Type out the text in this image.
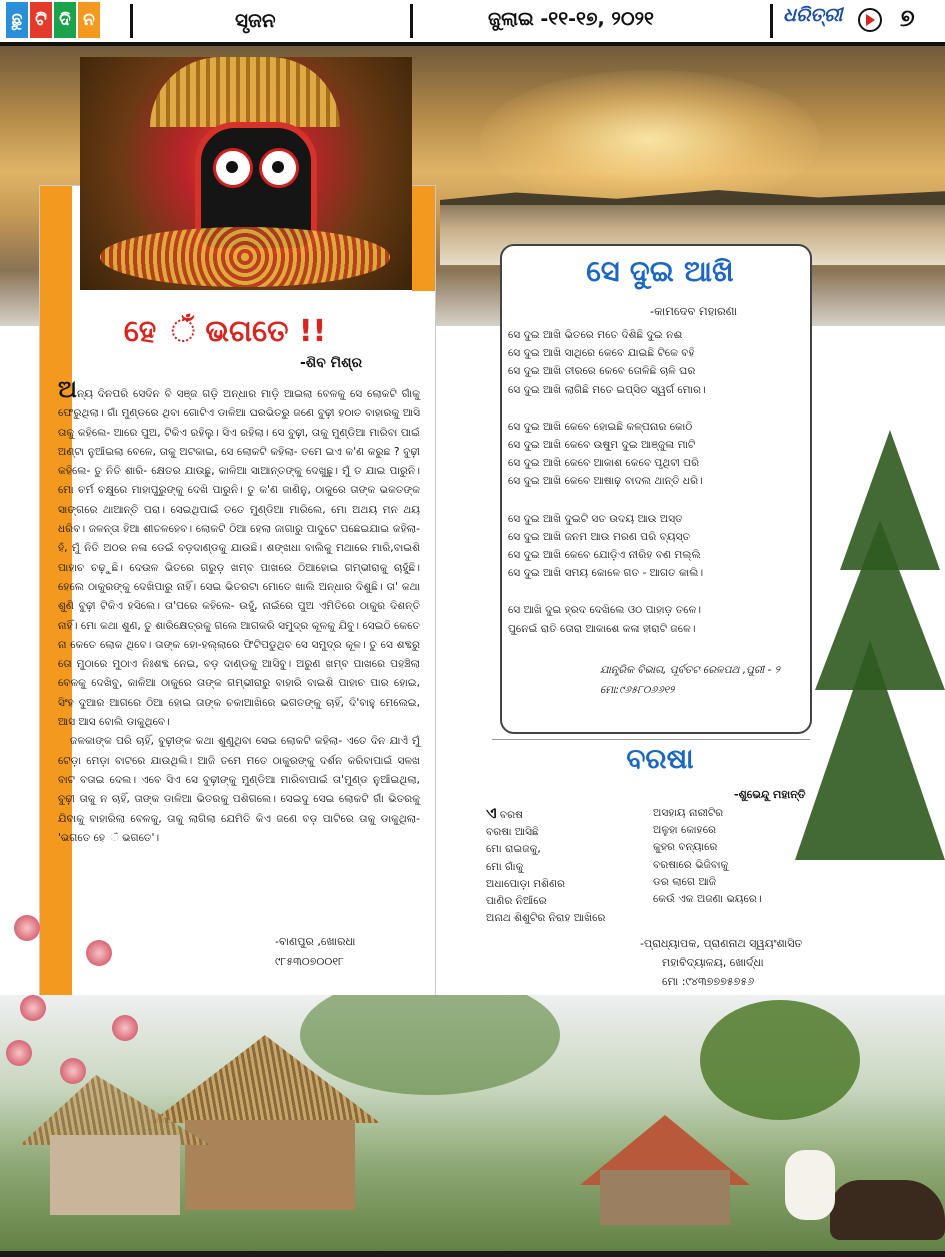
ଛୁ ଟି ଦି ନ	ସୃଜନ	ଜୁଲାଇ -୧୧-୧୭, ୨୦୨୧	ଧରିତ୍ରୀ ୭
ହେ ଁ ଭଗତେ !!
-ଶିବ ମିଶ୍ର

ଅନ୍ୟ ଦିନପରି ସେଦିନ ବି ସଞ୍ଜ ଗଡ଼ି ଅନ୍ଧାର ମାଡ଼ି ଆଇଲା ବେଳକୁ ସେ ଲୋକଟି ଗାଁକୁ ଫେରୁଥିଲା। ଗାଁ ମୁଣ୍ଡରେ ଥିବା ଗୋଟିଏ ଡାଳିଆ ଘରଭିତରୁ ଜଣେ ବୁଢ଼ୀ ହଠାତ ବାହାରକୁ ଆସି ତାକୁ କହିଲେ- ଆରେ ପୁଅ, ଟିକିଏ ରହିଲୁ। ସିଏ ରହିଲା। ସେ ବୁଢ଼ୀ, ତାକୁ ମୁଣ୍ଡିଆ ମାରିବା ପାଇଁ ଅଣ୍ଟା ନୁଆଁଇଲା ବେଳେ, ତାକୁ ଅଟକାଇ, ସେ ଲୋକଟି କହିଲା- ତମେ ଇଏ କ'ଣ କରୁଛ ? ବୁଢ଼ୀ କହିଲେ- ତୁ ନିତି ଶାରି- କ୍ଷେତର ଯାଉଛୁ, କାଳିଆ ସାଆନ୍ତଙ୍କୁ ଦେଖୁଛୁ। ମୁଁ ତ ଯାଇ ପାରୁନି। ମୋ ଚର୍ମ ଚକ୍ଷୁରେ ମାହାପୁରୁଙ୍କୁ ଦେଖି ପାରୁନି। ତୁ କ'ଣ ଜାଣିନୁ, ଠାକୁରେ ତାଙ୍କ ଭକତଙ୍କ ସାଙ୍ଗରେ ଥାଆନ୍ତି ପରା। ସେଇଥିପାଇଁ ତତେ ମୁଣ୍ଡିଆ ମାରିଲେ, ମୋ ଅଥୟ ମନ ଥୟ ଧରିବ। ଜଳନ୍ତା ହିଆ ଶୀତଳହେବ। ଲୋକଟି ଠିଆ ହେଲା ଜାଗାରୁ ପାଦୁଟେ ପଛେଇଯାଇ କହିଲା- ହଁ, ମୁଁ ନିତି ଅଠର ନଳା ଡେଇଁ ବଡ଼ଦାଣ୍ଡକୁ ଯାଉଛି। ଶଙ୍ଖଧା ବାଲିକୁ ମଥାରେ ମାରି,ବାଇଶି ପାହାଚ ଚଢ଼ୁଛି। ଦେଉଳ ଭିତରେ ଗରୁଡ଼ ଖମ୍ବ ପାଖରେ ଠିଆହୋଇ ଗମ୍ଭୀରାକୁ ଚାହୁଁଛି। ହେଲେ ଠାକୁରଙ୍କୁ ଦେଖିପାରୁ ନାହିଁ। ସେଇ ଭିତରଟା ମୋତେ ଖାଲି ଅନ୍ଧାର ଦିଶୁଛି। ତା' କଥା ଶୁଣି ବୁଢ଼ୀ ଟିକିଏ ହସିଲେ। ତା'ପରେ କହିଲେ- ଉହୁଁ, ନାଇଁରେ ପୁଅ ଏମିତିରେ ଠାକୁର ଦିଶନ୍ତି ନାହିଁ। ମୋ କଥା ଶୁଣ, ତୁ ଶାରିକ୍ଷେତ୍ରକୁ ଗଲେ ଆଗକରି ସମୁଦ୍ର କୂଳକୁ ଯିବୁ। ସେଇଠି କେତେ ନା କେତେ ଲୋକ ଥିବେ। ତାଙ୍କ ହୋ-ହଲ୍ଲାରେ ଫିଟିପଡୁଥିବ ସେ ସମୁଦ୍ର କୂଳ। ତୁ ସେ ଶବ୍ଦରୁ ତୋ ମୁଠାରେ ମୁଠାଏ ନିଃଶବ୍ଦ ନେଇ, ବଡ଼ ଦାଣ୍ଡକୁ ଆସିବୁ। ଅରୁଣ ଖମ୍ବ ପାଖରେ ପହଞ୍ଚିଲା ବେଳକୁ ଦେଖିବୁ, କାଳିଆ ଠାକୁରେ ତାଙ୍କ ଗମ୍ଭୀରାରୁ ବାହାରି ବାଇଶି ପାହାଚ ପାର ହୋଇ, ସିଂହ ଦୁଆର ଆଗରେ ଠିଆ ହୋଇ ତାଙ୍କ ଚକାଆଖିରେ ଭଗତଙ୍କୁ ଚାହିଁ, ଦି'ବାହୁ ମେଲେଇ, ଆସ ଆସ ବୋଲି ଡାକୁଥିବେ।

ଜଳକାଙ୍କ ପରି ଚାହିଁ, ବୁଢ଼ୀଙ୍କ କଥା ଶୁଣୁଥିବା ସେଇ ଲୋକଟି କହିଲା- ଏତେ ଦିନ ଯାଏଁ ମୁଁ ଟେଡ଼ା ମେଡ଼ା ବାଟରେ ଯାଉଥିଲି। ଆଜି ତମେ ମତେ ଠାକୁରଙ୍କୁ ଦର୍ଶନ କରିବାପାଇଁ ସଳଖ ବାଟ ବତାଇ ଦେଲ। ଏବେ ସିଏ ସେ ବୁଢ଼ୀଙ୍କୁ ମୁଣ୍ଡିଆ ମାରିବାପାଇଁ ତା'ମୁଣ୍ଡ ନୁଆଁଇଥିଲା, ବୁଢ଼ୀ ତାକୁ ନ ଚାହିଁ, ତାଙ୍କ ଡାଳିଆ ଭିତରକୁ ପଶିଗଲେ। ସେଇଦୁ ସେଇ ଲୋକଟି ଗାଁ ଭିତରକୁ ଯିବାକୁ ବାହାରିଲା ବେଳକୁ, ତାକୁ ଲାଗିଲା ଯେମିତି କିଏ ଜଣେ ବଡ଼ ପାଟିରେ ତାକୁ ଡାକୁଥିଲା- 'ଭଗତେ ହେ ଁ ଭଗତେ'।

-ବାଣପୁର ,ଖୋରଧା
୯୮୫୩୦୭୦୦୧୮
ସେ ଦୁଇ ଆଖି
-କାମଦେବ ମହାରଣା
ସେ ଦୁଇ ଆଖି ଭିତରେ ମତେ ଦିଶିଛି ଦୁଇ ନଈ
ସେ ଦୁଇ ଆଖି ସାଥିରେ କେବେ ଯାଇଛି ଟିକେ ବହି
ସେ ଦୁଇ ଆଖି ତୀରରେ କେବେ ତୋଳିଛି ଚାଳି ଘର
ସେ ଦୁଇ ଆଖି ଲାଗିଛି ମତେ ଇପ୍ସିତ ସ୍ୱର୍ଗ ମୋର।
ସେ ଦୁଇ ଆଖି କେବେ ହୋଇଛି କଳ୍ପନାର କୋଠି
ସେ ଦୁଇ ଆଖି କେବେ ଉଷୁମ ଦୁଇ ଆଞ୍ଜୁଳା ମାଟି
ସେ ଦୁଇ ଆଖି କେବେ ଆକାଶ କେବେ ପୃଥିବୀ ପରି
ସେ ଦୁଇ ଆଖି କେବେ ଆଷାଢ଼ ବାଦଲ ଥାନ୍ତି ଧରି।
ସେ ଦୁଇ ଆଖି ଦୁଇଟି ସତ ଉଦୟ ଆଉ ଅସ୍ତ
ସେ ଦୁଇ ଆଖି ଜନମ ଆଉ ମରଣ ପରି ବ୍ୟସ୍ତ
ସେ ଦୁଇ ଆଖି କେବେ ଯୋଡ଼ିଏ ନୀରିହ ବଣ ମଲ୍ଲି
ସେ ଦୁଇ ଆଖି ସମୟ କୋଳେ ଗତ - ଆଗତ କାଲି।
ସେ ଆଖି ଦୁଇ ହ୍ରଦ ଦେଖିଲେ ଓଠ ପାହାଡ଼ ତଳେ।
ପୁନେଇଁ ରାତି ତୋରା ଆକାଶେ କଳା ହୀରାଟି ଜଳେ।
ଯାନ୍ତ୍ରିକ ବିଭାଗ, ପୂର୍ବତଟ ରେଳପଥ ,ପୁରୀ - ୨
ମୋ:୯୬୫୮୦୬୬୧୨
ବରଷା
-ଶୁଭେନ୍ଦୁ ମହାନ୍ତି
ଏ ବରଷ
ବରଷା ଆସିଛି
ମୋ ରାଇଜକୁ,
ମୋ ଗାଁକୁ
ଅଧାପୋଡ଼ା ମଶିଣର
ପାଣିର ନିଆଁରେ
ଅନାଥ ଶିଶୁଟିର ନିରାହ ଆଖିରେ
ଅସହାୟ ନାରୀଟିର
ଅଳୁହା କୋହରେ
କୁହର ବନ୍ୟାରେ
ବରଷାରେ ଭିଜିବାକୁ
ଡର ଲାଗେ ଆଜି
କେଉଁ ଏକ ଅଜଣା ଭୟରେ।
-ପ୍ରାଧ୍ୟାପକ, ପ୍ରାଣନାଥ ସ୍ୱୟଂଶାସିତ
ମହାବିଦ୍ୟାଳୟ, ଖୋର୍ଦ୍ଧା
ମୋ :୯୪୩୭୭୭୫୭୫୬
